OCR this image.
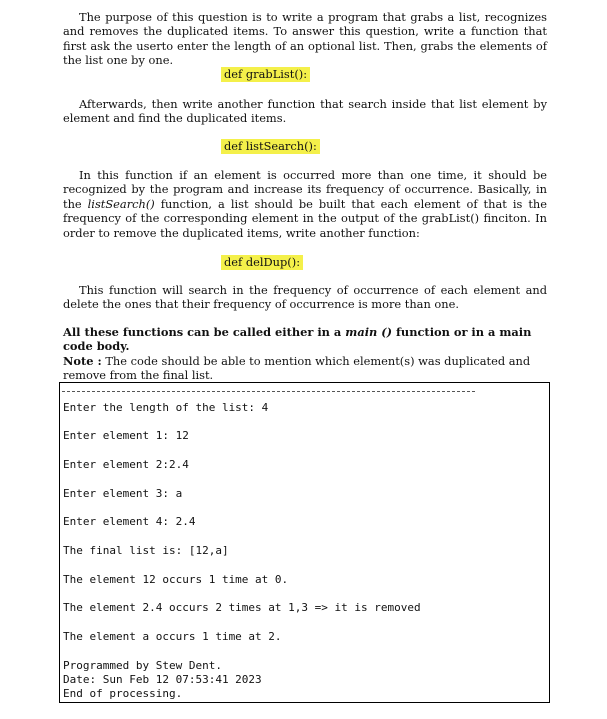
The purpose of this question is to write a program that grabs a list, recognizes and removes the duplicated items. To answer this question, write a function that first ask the userto enter the length of an optional list. Then, grabs the elements of the list one by one.

def grabList():

Afterwards, then write another function that search inside that list element by element and find the duplicated items.

def listSearch():

In this function if an element is occurred more than one time, it should be recognized by the program and increase its frequency of occurrence. Basically, in the listSearch() function, a list should be built that each element of that is the frequency of the corresponding element in the output of the grabList() finciton. In order to remove the duplicated items, write another function:

def delDup():

This function will search in the frequency of occurrence of each element and delete the ones that their frequency of occurrence is more than one.

All these functions can be called either in a main () function or in a main code body.
Note : The code should be able to mention which element(s) was duplicated and remove from the final list.
Enter the length of the list: 4
Enter element 1: 12
Enter element 2:2.4
Enter element 3: a
Enter element 4: 2.4
The final list is: [12,a]
The element 12 occurs 1 time at 0.
The element 2.4 occurs 2 times at 1,3 => it is removed
The element a occurs 1 time at 2.
Programmed by Stew Dent.
Date: Sun Feb 12 07:53:41 2023
End of processing.
